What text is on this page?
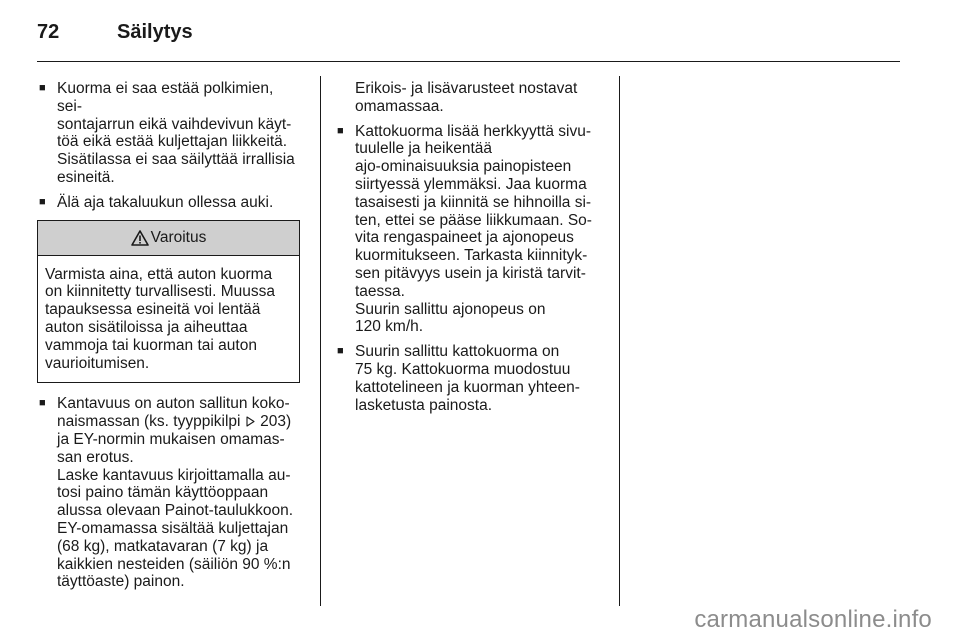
72	Säilytys
■ Kuorma ei saa estää polkimien, sei-
sontajarrun eikä vaihdevivun käyt-
töä eikä estää kuljettajan liikkeitä.
Sisätilassa ei saa säilyttää irrallisia
esineitä.
■ Älä aja takaluukun ollessa auki.
Varoitus
Varmista aina, että auton kuorma
on kiinnitetty turvallisesti. Muussa
tapauksessa esineitä voi lentää
auton sisätiloissa ja aiheuttaa
vammoja tai kuorman tai auton
vaurioitumisen.
■ Kantavuus on auton sallitun koko-
naismassan (ks. tyyppikilpi 203)
ja EY-normin mukaisen omamas-
san erotus.

Laske kantavuus kirjoittamalla au-
tosi paino tämän käyttöoppaan
alussa olevaan Painot-taulukkoon.

EY-omamassa sisältää kuljettajan
(68 kg), matkatavaran (7 kg) ja
kaikkien nesteiden (säiliön 90 %:n
täyttöaste) painon.

Erikois- ja lisävarusteet nostavat
omamassaa.

■ Kattokuorma lisää herkkyyttä sivu-
tuulelle ja heikentää
ajo-ominaisuuksia painopisteen
siirtyessä ylemmäksi. Jaa kuorma
tasaisesti ja kiinnitä se hihnoilla si-
ten, ettei se pääse liikkumaan. So-
vita rengaspaineet ja ajonopeus
kuormitukseen. Tarkasta kiinnityk-
sen pitävyys usein ja kiristä tarvit-
taessa.

Suurin sallittu ajonopeus on
120 km/h.

■ Suurin sallittu kattokuorma on
75 kg. Kattokuorma muodostuu
kattotelineen ja kuorman yhteen-
lasketusta painosta.
carmanualsonline.info
